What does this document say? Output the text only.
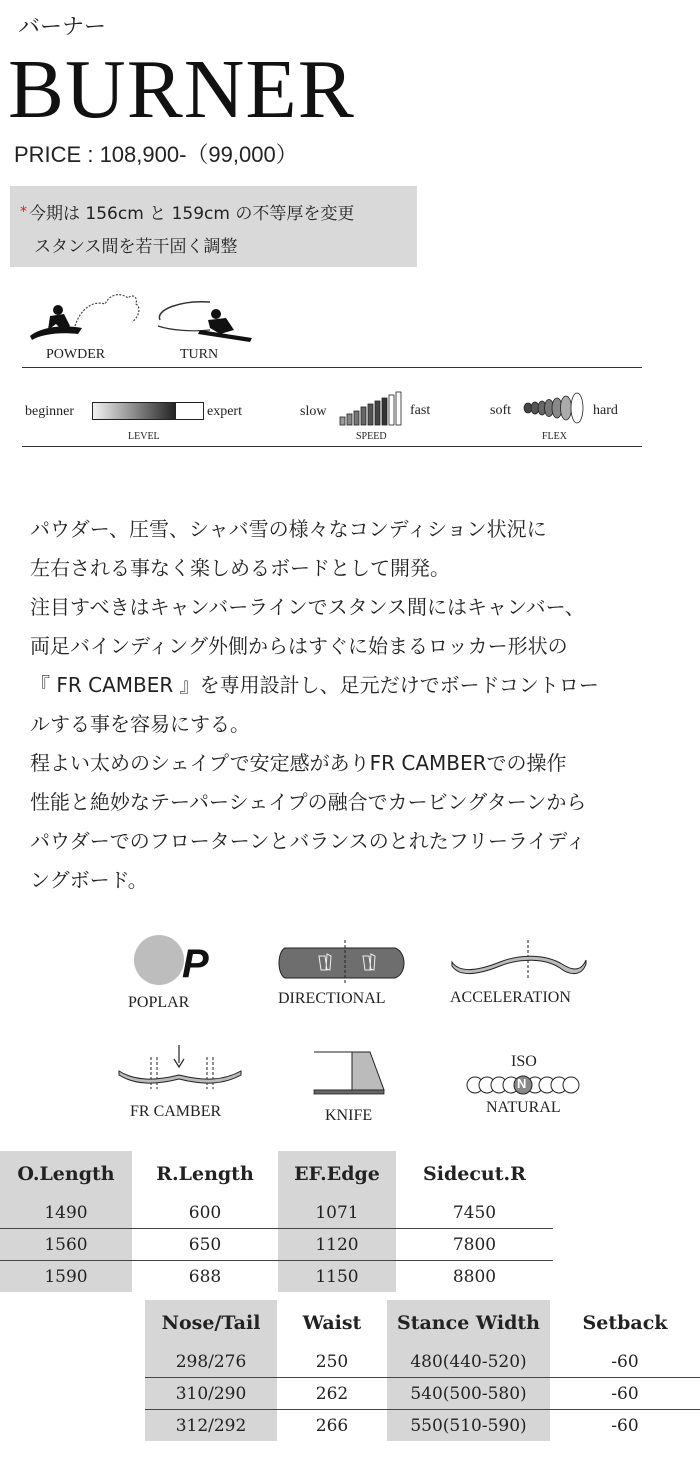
バーナー
BURNER
PRICE : 108,900-（99,000）
* 今期は 156cm と 159cm の不等厚を変更
スタンス間を若干固く調整
POWDER	TURN
beginner	expert
LEVEL
slow	fast
SPEED
soft	hard
FLEX
パウダー、圧雪、シャバ雪の様々なコンディション状況に
左右される事なく楽しめるボードとして開発。
注目すべきはキャンバーラインでスタンス間にはキャンバー、
両足バインディング外側からはすぐに始まるロッカー形状の
『 FR CAMBER 』を専用設計し、足元だけでボードコントロー
ルする事を容易にする。
程よい太めのシェイプで安定感がありFR CAMBERでの操作
性能と絶妙なテーパーシェイプの融合でカービングターンから
パウダーでのフローターンとバランスのとれたフリーライディ
ングボード。
P
POPLAR	DIRECTIONAL	ACCELERATION
FR CAMBER	KNIFE
ISO
N
NATURAL
O.Length	R.Length	EF.Edge	Sidecut.R
1490	600	1071	7450
1560	650	1120	7800
1590	688	1150	8800
Nose/Tail	Waist	Stance Width	Setback
298/276	250	480(440-520)	-60
310/290	262	540(500-580)	-60
312/292	266	550(510-590)	-60
